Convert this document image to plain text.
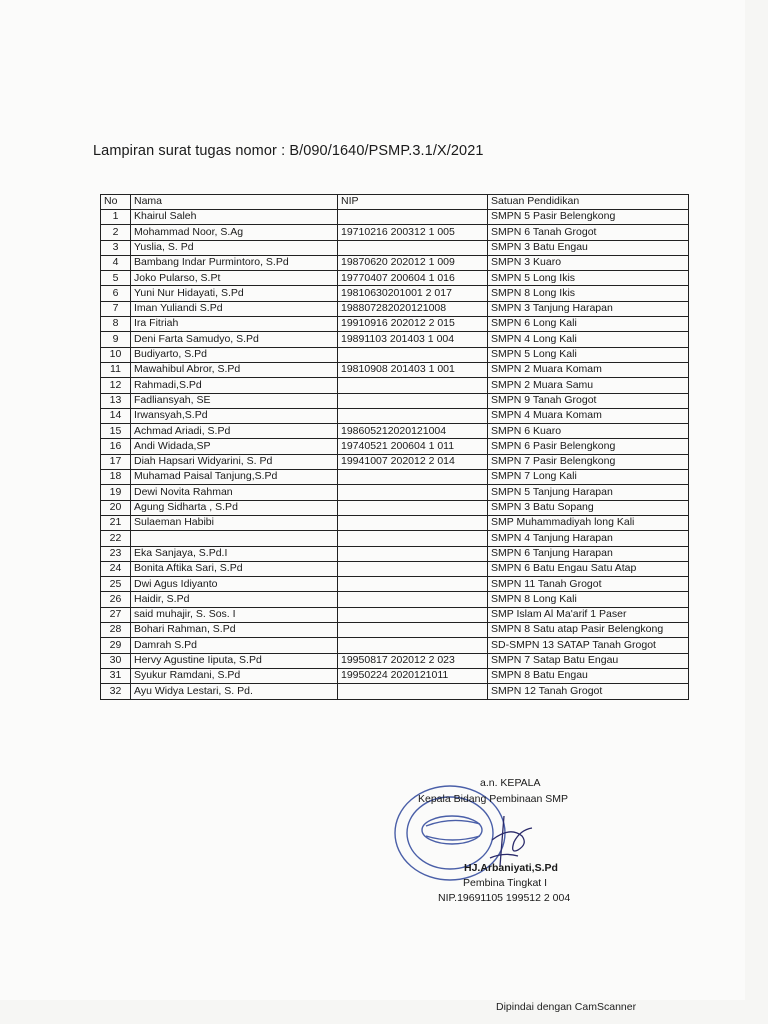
Lampiran surat tugas nomor : B/090/1640/PSMP.3.1/X/2021
No	Nama	NIP	Satuan Pendidikan
1	Khairul Saleh		SMPN 5 Pasir Belengkong
2	Mohammad Noor, S.Ag	19710216 200312 1 005	SMPN 6 Tanah Grogot
3	Yuslia, S. Pd		SMPN 3 Batu Engau
4	Bambang Indar Purmintoro, S.Pd	19870620 202012 1 009	SMPN 3 Kuaro
5	Joko Pularso, S.Pt	19770407 200604 1 016	SMPN 5 Long Ikis
6	Yuni Nur Hidayati, S.Pd	19810630201001 2 017	SMPN 8 Long Ikis
7	Iman Yuliandi S.Pd	198807282020121008	SMPN 3 Tanjung Harapan
8	Ira Fitriah	19910916 202012 2 015	SMPN 6 Long Kali
9	Deni Farta Samudyo, S.Pd	19891103 201403 1 004	SMPN 4 Long Kali
10	Budiyarto, S.Pd		SMPN 5 Long Kali
11	Mawahibul Abror, S.Pd	19810908 201403 1 001	SMPN 2 Muara Komam
12	Rahmadi,S.Pd		SMPN 2 Muara Samu
13	Fadliansyah, SE		SMPN 9 Tanah Grogot
14	Irwansyah,S.Pd		SMPN 4 Muara Komam
15	Achmad Ariadi, S.Pd	198605212020121004	SMPN 6 Kuaro
16	Andi Widada,SP	19740521 200604 1 011	SMPN 6 Pasir Belengkong
17	Diah Hapsari Widyarini, S. Pd	19941007 202012 2 014	SMPN 7 Pasir Belengkong
18	Muhamad Paisal Tanjung,S.Pd		SMPN 7 Long Kali
19	Dewi Novita Rahman		SMPN 5 Tanjung Harapan
20	Agung Sidharta , S.Pd		SMPN 3 Batu Sopang
21	Sulaeman Habibi		SMP Muhammadiyah long Kali
22			SMPN 4 Tanjung Harapan
23	Eka Sanjaya, S.Pd.I		SMPN 6 Tanjung Harapan
24	Bonita Aftika Sari, S.Pd		SMPN 6 Batu Engau Satu Atap
25	Dwi Agus Idiyanto		SMPN 11 Tanah Grogot
26	Haidir, S.Pd		SMPN 8 Long Kali
27	said muhajir, S. Sos. I		SMP Islam Al Ma'arif 1 Paser
28	Bohari Rahman, S.Pd		SMPN 8 Satu atap Pasir Belengkong
29	Damrah S.Pd		SD-SMPN 13 SATAP Tanah Grogot
30	Hervy Agustine Iiputa, S.Pd	19950817 202012 2 023	SMPN 7 Satap Batu Engau
31	Syukur Ramdani, S.Pd	19950224 2020121011	SMPN 8 Batu Engau
32	Ayu Widya Lestari, S. Pd.		SMPN 12 Tanah Grogot
a.n. KEPALA
Kepala Bidang Pembinaan SMP
HJ.Arbaniyati,S.Pd
Pembina Tingkat I
NIP.19691105 199512 2 004
Dipindai dengan CamScanner
